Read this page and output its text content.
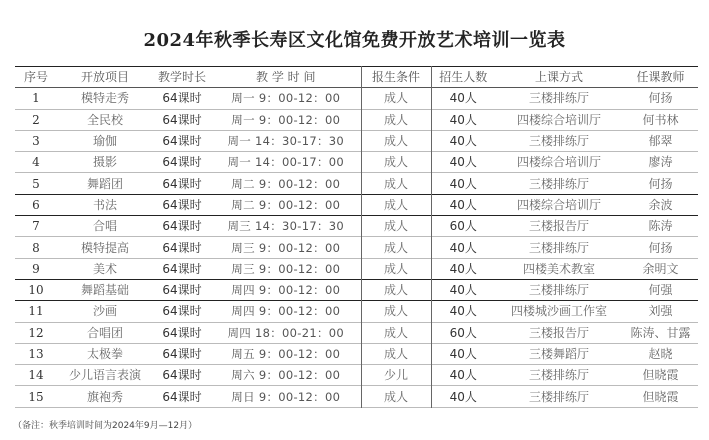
2024年秋季长寿区文化馆免费开放艺术培训一览表
序号	开放项目	教学时长	教 学 时 间	报生条件	招生人数	上课方式	任课教师
1	模特走秀	64课时	周一 9：00-12：00	成人	40人	三楼排练厅	何扬
2	全民校	64课时	周一 9：00-12：00	成人	40人	四楼综合培训厅	何书林
3	瑜伽	64课时	周一 14：30-17：30	成人	40人	三楼排练厅	郁翠
4	摄影	64课时	周一 14：00-17：00	成人	40人	四楼综合培训厅	廖涛
5	舞蹈团	64课时	周二 9：00-12：00	成人	40人	三楼排练厅	何扬
6	书法	64课时	周二 9：00-12：00	成人	40人	四楼综合培训厅	余波
7	合唱	64课时	周三 14：30-17：30	成人	60人	三楼报告厅	陈涛
8	模特提高	64课时	周三 9：00-12：00	成人	40人	三楼排练厅	何扬
9	美术	64课时	周三 9：00-12：00	成人	40人	四楼美术教室	余明文
10	舞蹈基础	64课时	周四 9：00-12：00	成人	40人	三楼排练厅	何强
11	沙画	64课时	周四 9：00-12：00	成人	40人	四楼城沙画工作室	刘强
12	合唱团	64课时	周四 18：00-21：00	成人	60人	三楼报告厅	陈涛、甘露
13	太极拳	64课时	周五 9：00-12：00	成人	40人	三楼舞蹈厅	赵晓
14	少儿语言表演	64课时	周六 9：00-12：00	少儿	40人	三楼排练厅	但晓霞
15	旗袍秀	64课时	周日 9：00-12：00	成人	40人	三楼排练厅	但晓霞
（备注：秋季培训时间为2024年9月—12月）
